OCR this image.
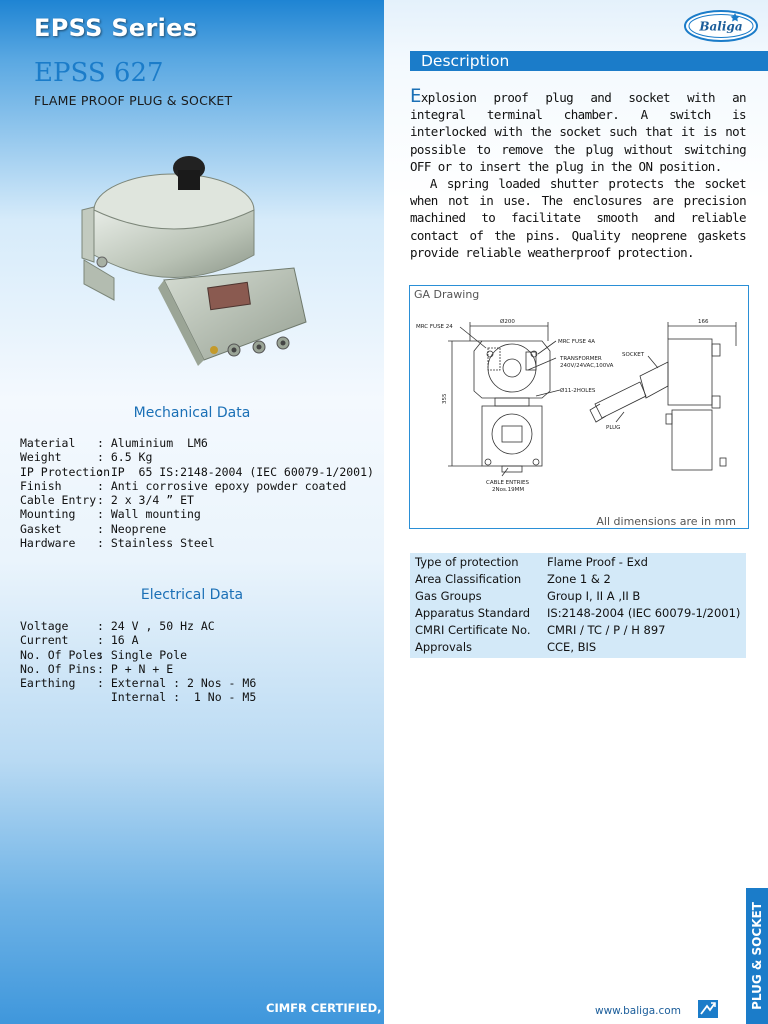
EPSS Series
EPSS 627
FLAME PROOF PLUG & SOCKET
Mechanical Data
Material	: Aluminium  LM6
Weight	: 6.5 Kg
IP Protection
: IP  65 IS:2148-2004 (IEC 60079-1/2001)
Finish	: Anti corrosive epoxy powder coated
Cable Entry : 2 x 3/4 ” ET
Mounting	: Wall mounting
Gasket	: Neoprene
Hardware	: Stainless Steel
Electrical Data
Voltage	: 24 V , 50 Hz AC
Current	: 16 A
No. Of Poles
: Single Pole
No. Of Pins : P + N + E
Earthing	: External : 2 Nos - M6
Internal :  1 No - M5
Baliga
Description

Explosion proof plug and socket with an integral terminal chamber. A switch is interlocked with the socket such that it is not possible to remove the plug without switching OFF or to insert the plug in the ON position.

A spring loaded shutter protects the socket when not in use. The enclosures are precision machined to facilitate smooth and reliable contact of the pins. Quality neoprene gaskets provide reliable weatherproof protection.

GA Drawing
MRC FUSE 24
Ø200
MRC FUSE 4A
TRANSFORMER
240V/24VAC,100VA
Ø11-2HOLES
355
CABLE ENTRIES
2Nos.19MM
SOCKET
PLUG
166
All dimensions are in mm
Type of protection	Flame Proof - Exd
Area Classification	Zone 1 & 2
Gas Groups	Group I, II A ,II B
Apparatus Standard	IS:2148-2004 (IEC 60079-1/2001)
CMRI Certificate No.	CMRI / TC / P / H 897
Approvals	CCE, BIS
CIMFR CERTIFIED, CCE & BIS APPROVED	www.baliga.com
PLUG & SOCKET
